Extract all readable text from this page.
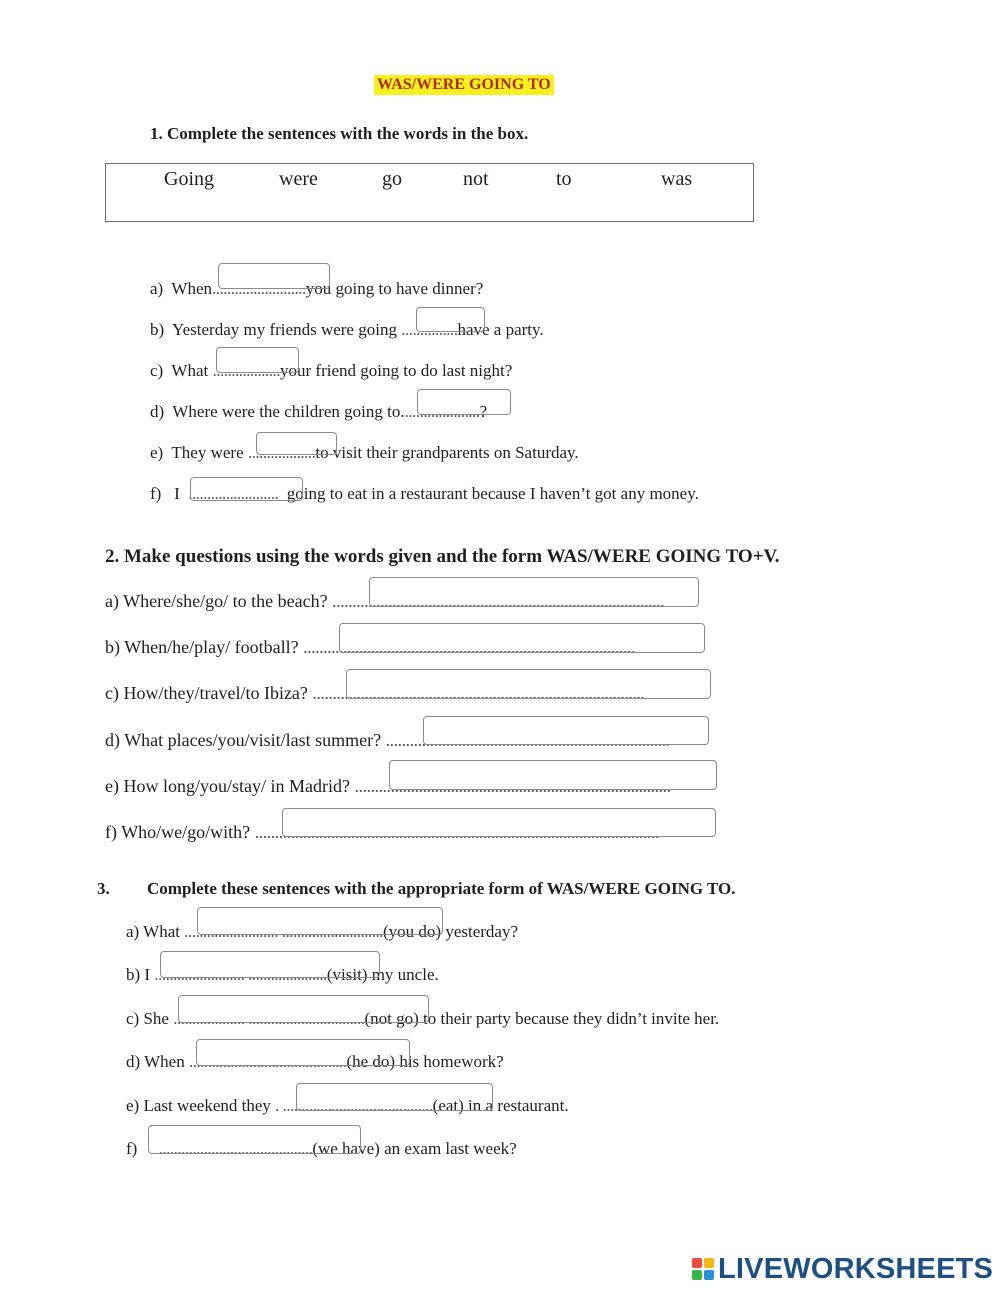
WAS/WERE GOING TO
1. Complete the sentences with the words in the box.
Going	were	go	not	to	was
a) When.........................you going to have dinner?
b) Yesterday my friends were going ...............have a party.
c) What ..................your friend going to do last night?
d) Where were the children going to.....................?
e) They were ..................to visit their grandparents on Saturday.
f) I ........................ going to eat in a restaurant because I haven’t got any money.
2. Make questions using the words given and the form WAS/WERE GOING TO+V.
a) Where/she/go/ to the beach? ...................................................................................
b) When/he/play/ football? ...................................................................................
c) How/they/travel/to Ibiza? ...................................................................................
d) What places/you/visit/last summer? .......................................................................
e) How long/you/stay/ in Madrid? ...............................................................................
f) Who/we/go/with? .....................................................................................................
3. Complete these sentences with the appropriate form of WAS/WERE GOING TO.
a) What ......................... ...........................(you do) yesterday?
b) I ........................ .....................(visit) my uncle.
c) She ................... ...............................(not go) to their party because they didn’t invite her.
d) When ..........................................(he do) his homework?
e) Last weekend they . ........................................(eat) in a restaurant.
f) .........................................(we have) an exam last week?
LIVEWORKSHEETS
